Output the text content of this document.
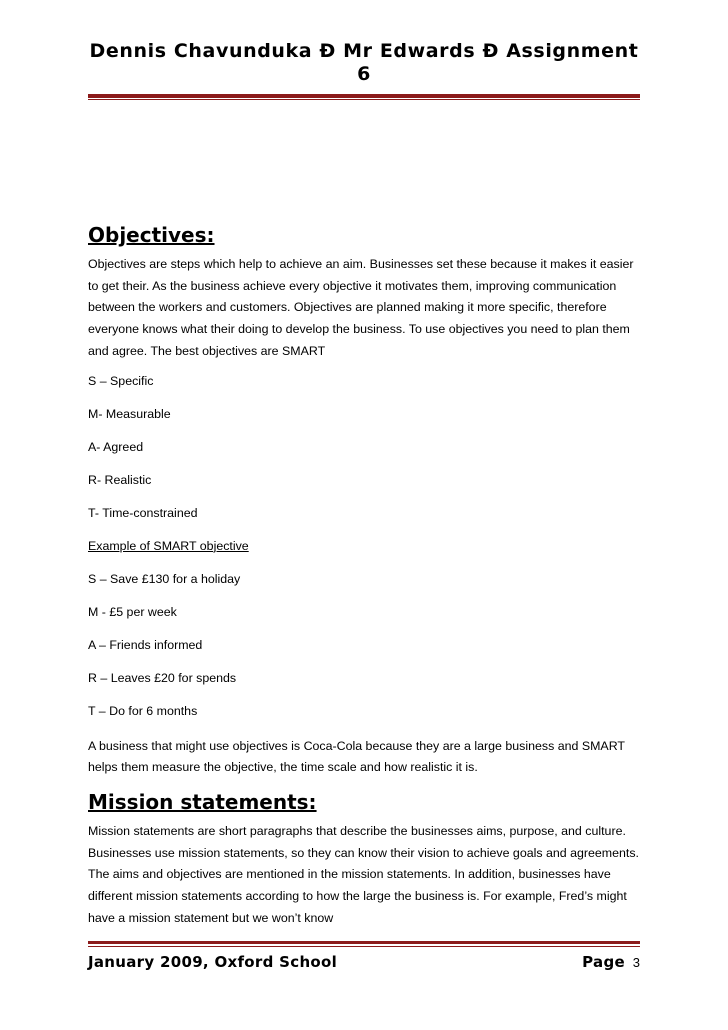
Dennis Chavunduka Ð Mr Edwards Ð Assignment 6
Objectives:

Objectives are steps which help to achieve an aim. Businesses set these because it makes it easier to get their. As the business achieve every objective it motivates them, improving communication between the workers and customers. Objectives are planned making it more specific, therefore everyone knows what their doing to develop the business. To use objectives you need to plan them and agree. The best objectives are SMART

S – Specific

M- Measurable

A- Agreed

R- Realistic

T- Time-constrained

Example of SMART objective

S – Save £130 for a holiday

M - £5 per week

A – Friends informed

R – Leaves £20 for spends

T – Do for 6 months

A business that might use objectives is Coca-Cola because they are a large business and SMART helps them measure the objective, the time scale and how realistic it is.

Mission statements:

Mission statements are short paragraphs that describe the businesses aims, purpose, and culture. Businesses use mission statements, so they can know their vision to achieve goals and agreements. The aims and objectives are mentioned in the mission statements. In addition, businesses have different mission statements according to how the large the business is. For example, Fred’s might have a mission statement but we won’t know

January 2009, Oxford School	Page 3
